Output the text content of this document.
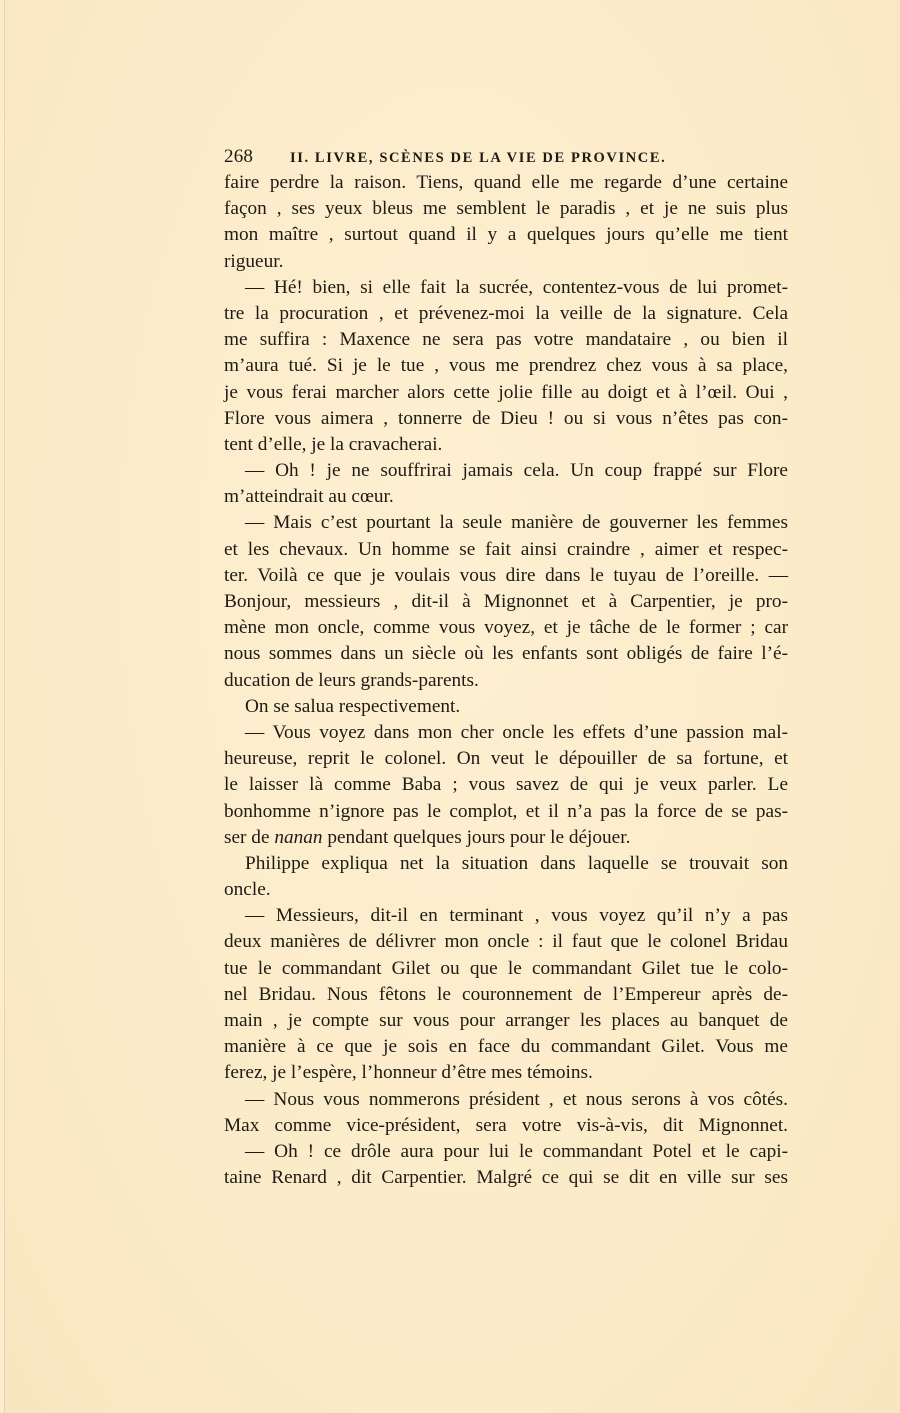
268	II. LIVRE, SCÈNES DE LA VIE DE PROVINCE.
faire perdre la raison. Tiens, quand elle me regarde d’une certaine
façon , ses yeux bleus me semblent le paradis , et je ne suis plus
mon maître , surtout quand il y a quelques jours qu’elle me tient
rigueur.
— Hé! bien, si elle fait la sucrée, contentez-vous de lui promet-
tre la procuration , et prévenez-moi la veille de la signature. Cela
me suffira : Maxence ne sera pas votre mandataire , ou bien il
m’aura tué. Si je le tue , vous me prendrez chez vous à sa place,
je vous ferai marcher alors cette jolie fille au doigt et à l’œil. Oui ,
Flore vous aimera , tonnerre de Dieu ! ou si vous n’êtes pas con-
tent d’elle, je la cravacherai.
— Oh ! je ne souffrirai jamais cela. Un coup frappé sur Flore
m’atteindrait au cœur.
— Mais c’est pourtant la seule manière de gouverner les femmes
et les chevaux. Un homme se fait ainsi craindre , aimer et respec-
ter. Voilà ce que je voulais vous dire dans le tuyau de l’oreille. —
Bonjour, messieurs , dit-il à Mignonnet et à Carpentier, je pro-
mène mon oncle, comme vous voyez, et je tâche de le former ; car
nous sommes dans un siècle où les enfants sont obligés de faire l’é-
ducation de leurs grands-parents.
On se salua respectivement.
— Vous voyez dans mon cher oncle les effets d’une passion mal-
heureuse, reprit le colonel. On veut le dépouiller de sa fortune, et
le laisser là comme Baba ; vous savez de qui je veux parler. Le
bonhomme n’ignore pas le complot, et il n’a pas la force de se pas-
ser de nanan pendant quelques jours pour le déjouer.
Philippe expliqua net la situation dans laquelle se trouvait son
oncle.
— Messieurs, dit-il en terminant , vous voyez qu’il n’y a pas
deux manières de délivrer mon oncle : il faut que le colonel Bridau
tue le commandant Gilet ou que le commandant Gilet tue le colo-
nel Bridau. Nous fêtons le couronnement de l’Empereur après de-
main , je compte sur vous pour arranger les places au banquet de
manière à ce que je sois en face du commandant Gilet. Vous me
ferez, je l’espère, l’honneur d’être mes témoins.
— Nous vous nommerons président , et nous serons à vos côtés.
Max comme vice-président, sera votre vis-à-vis, dit Mignonnet.
— Oh ! ce drôle aura pour lui le commandant Potel et le capi-
taine Renard , dit Carpentier. Malgré ce qui se dit en ville sur ses
